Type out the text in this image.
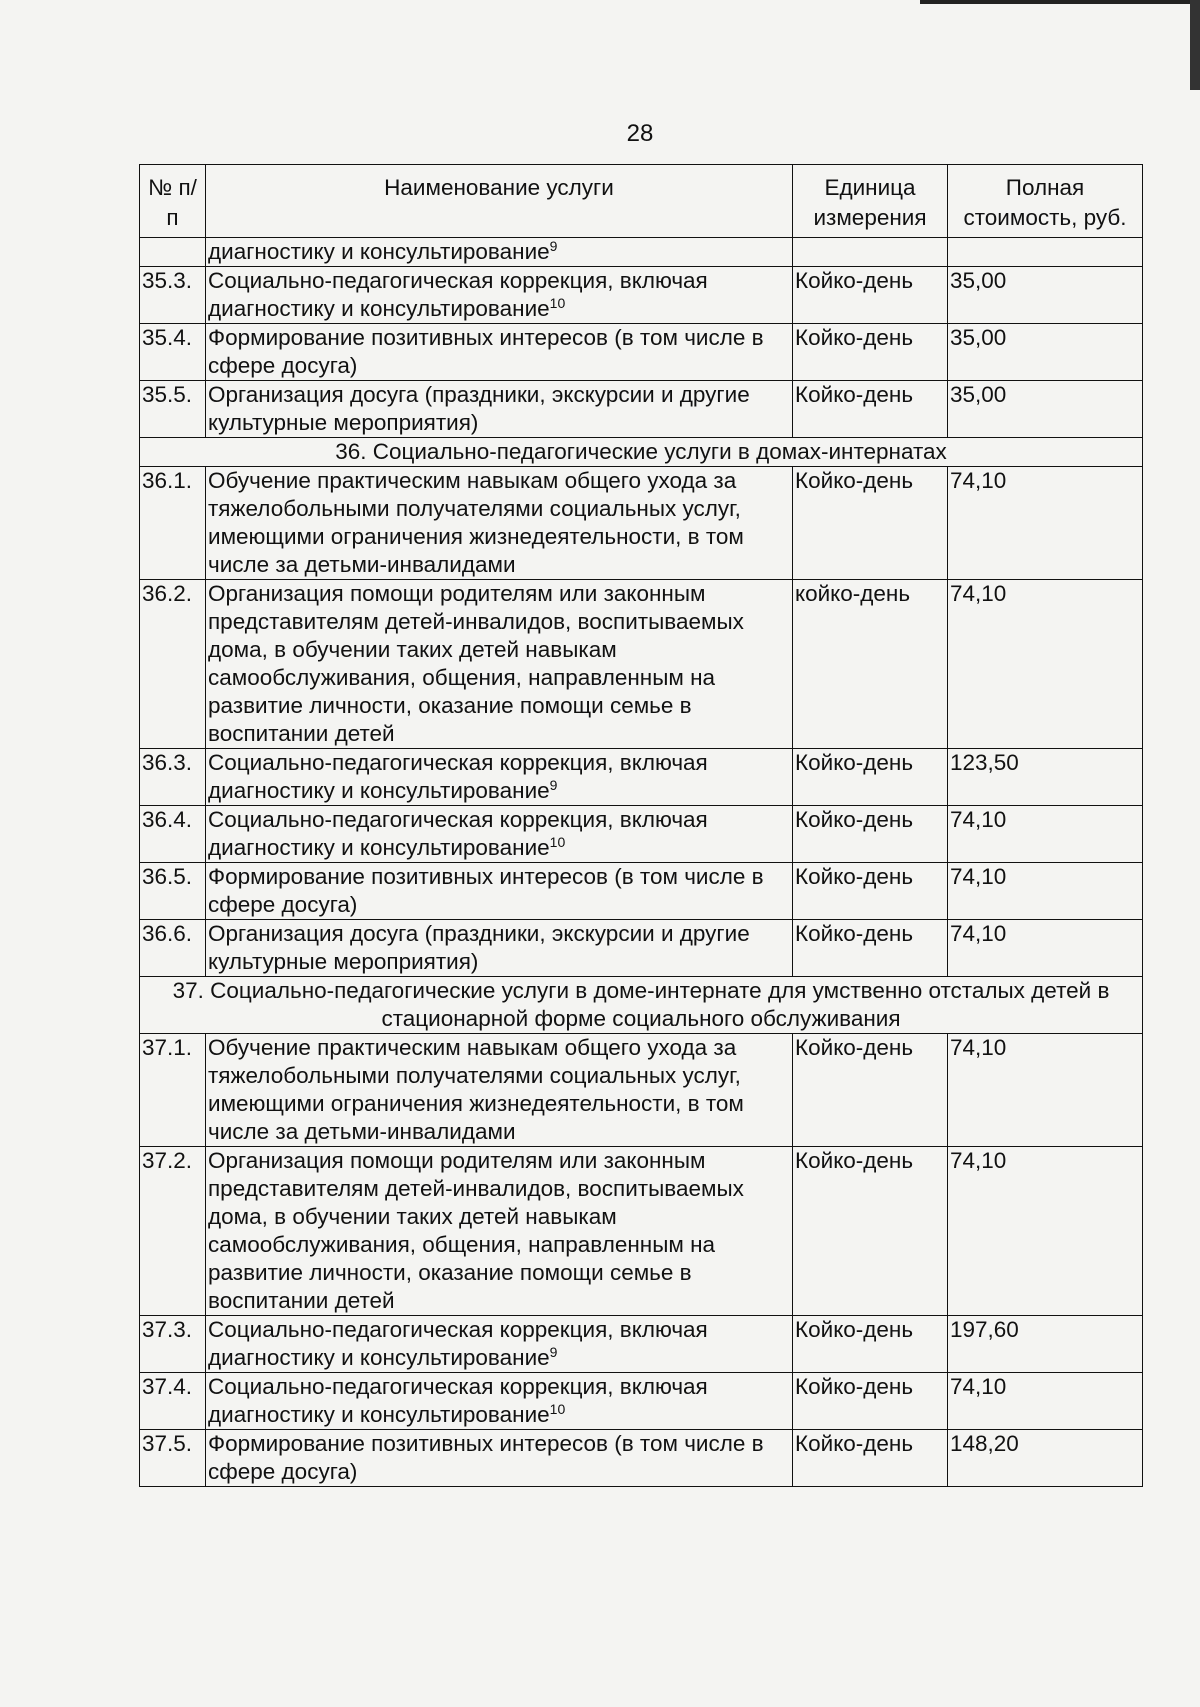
28
№ п/п	Наименование услуги	Единица измерения	Полная стоимость, руб.
	диагностику и консультирование$^9$		
35.3.	Социально-педагогическая коррекция, включая диагностику и консультирование$^{10}$	Койко-день	35,00
35.4.	Формирование позитивных интересов (в том числе в сфере досуга)	Койко-день	35,00
35.5.	Организация досуга (праздники, экскурсии и другие культурные мероприятия)	Койко-день	35,00
36. Социально-педагогические услуги в домах-интернатах			
36.1.	Обучение практическим навыкам общего ухода за тяжелобольными получателями социальных услуг, имеющими ограничения жизнедеятельности, в том числе за детьми-инвалидами	Койко-день	74,10
36.2.	Организация помощи родителям или законным представителям детей-инвалидов, воспитываемых дома, в обучении таких детей навыкам самообслуживания, общения, направленным на развитие личности, оказание помощи семье в воспитании детей	койко-день	74,10
36.3.	Социально-педагогическая коррекция, включая диагностику и консультирование$^9$	Койко-день	123,50
36.4.	Социально-педагогическая коррекция, включая диагностику и консультирование$^{10}$	Койко-день	74,10
36.5.	Формирование позитивных интересов (в том числе в сфере досуга)	Койко-день	74,10
36.6.	Организация досуга (праздники, экскурсии и другие культурные мероприятия)	Койко-день	74,10
37. Социально-педагогические услуги в доме-интернате для умственно отсталых детей в стационарной форме социального обслуживания			
37.1.	Обучение практическим навыкам общего ухода за тяжелобольными получателями социальных услуг, имеющими ограничения жизнедеятельности, в том числе за детьми-инвалидами	Койко-день	74,10
37.2.	Организация помощи родителям или законным представителям детей-инвалидов, воспитываемых дома, в обучении таких детей навыкам самообслуживания, общения, направленным на развитие личности, оказание помощи семье в воспитании детей	Койко-день	74,10
37.3.	Социально-педагогическая коррекция, включая диагностику и консультирование$^9$	Койко-день	197,60
37.4.	Социально-педагогическая коррекция, включая диагностику и консультирование$^{10}$	Койко-день	74,10
37.5.	Формирование позитивных интересов (в том числе в сфере досуга)	Койко-день	148,20
